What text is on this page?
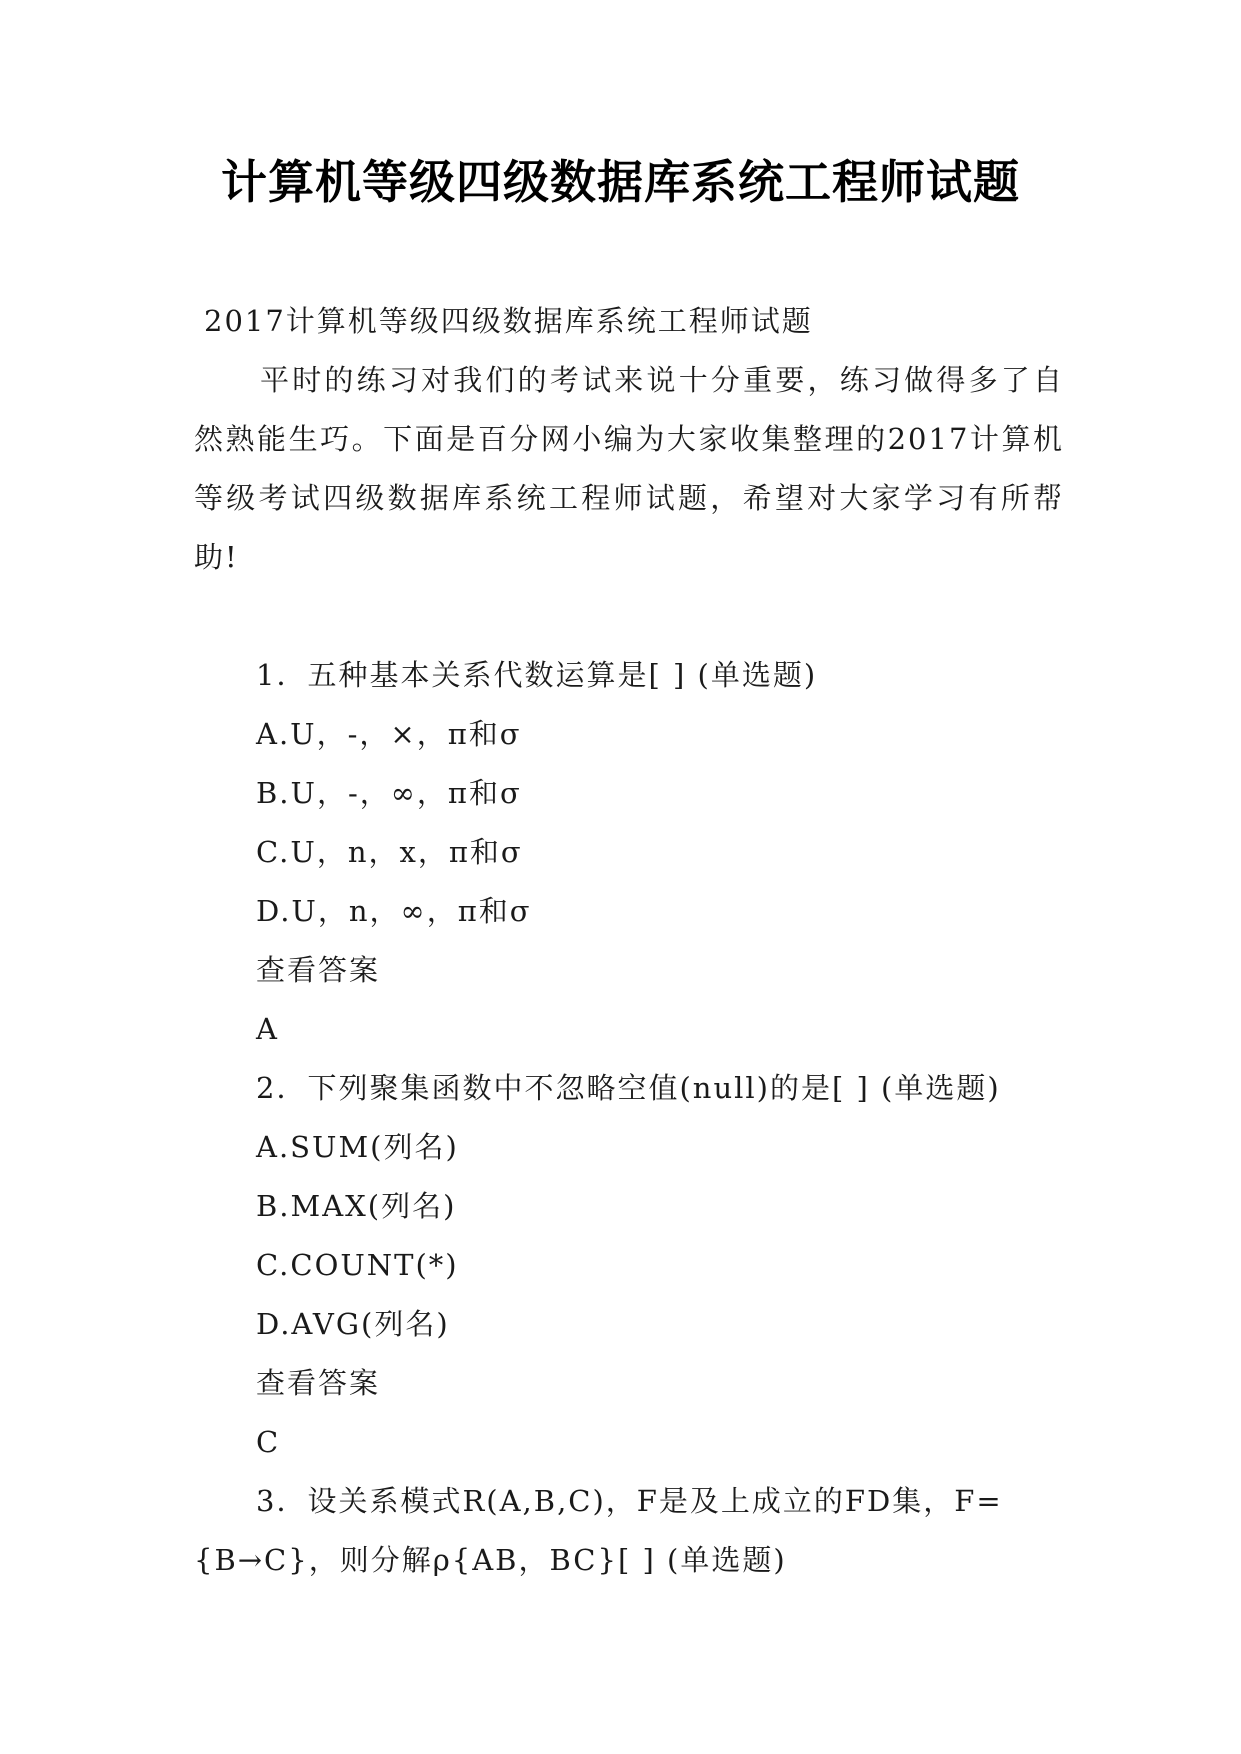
计算机等级四级数据库系统工程师试题
2017计算机等级四级数据库系统工程师试题
平时的练习对我们的考试来说十分重要，练习做得多了自然熟能生巧。下面是百分网小编为大家收集整理的2017计算机等级考试四级数据库系统工程师试题，希望对大家学习有所帮助!
1．五种基本关系代数运算是[ ] (单选题)
A.U，-，×，π和σ
B.U，-，∞，π和σ
C.U，n，x，π和σ
D.U，n，∞，π和σ
查看答案
A
2．下列聚集函数中不忽略空值(null)的是[ ] (单选题)
A.SUM(列名)
B.MAX(列名)
C.COUNT(*)
D.AVG(列名)
查看答案
C
3．设关系模式R(A,B,C)，F是及上成立的FD集，F={B→C}，则分解ρ{AB，BC}[ ] (单选题)
